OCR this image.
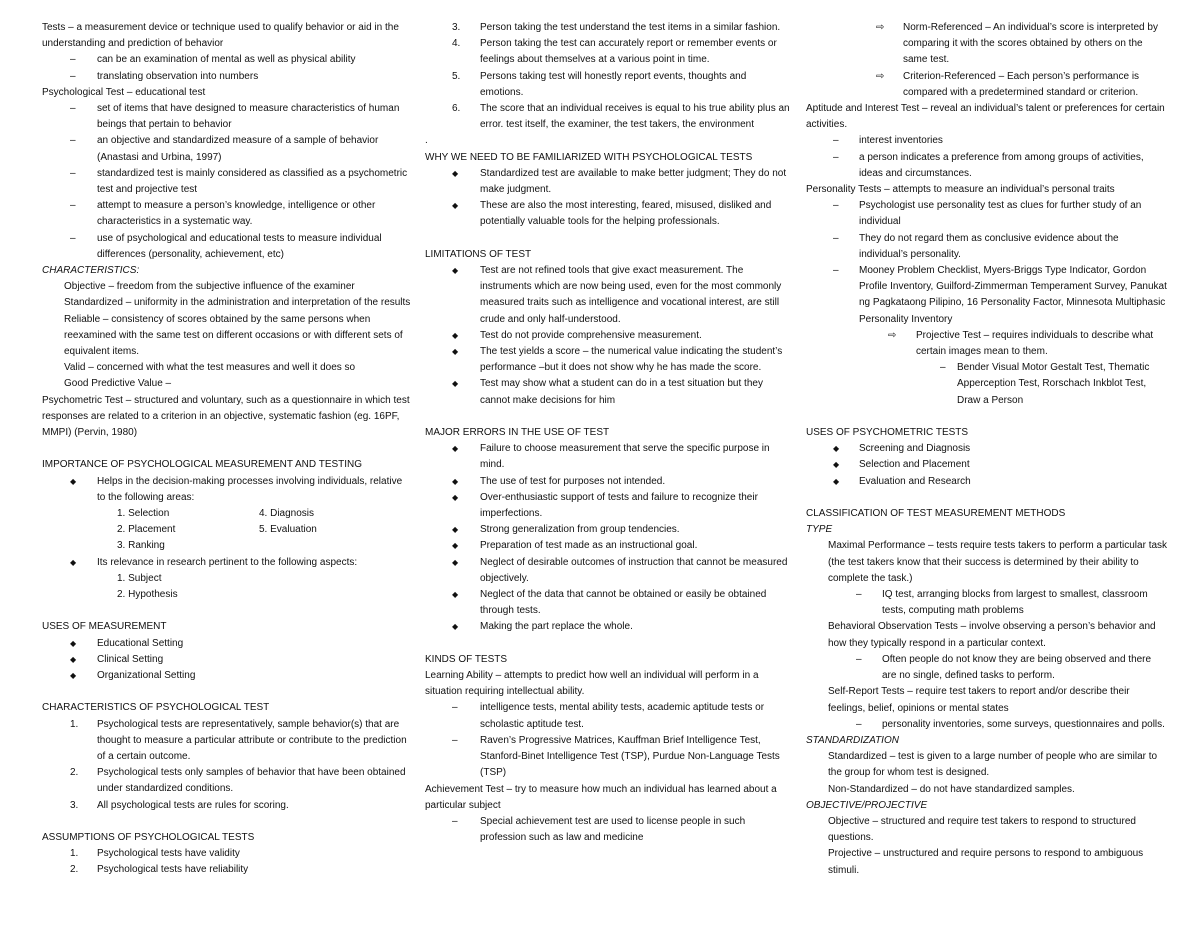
Tests – a measurement device or technique used to qualify behavior or aid in the understanding and prediction of behavior

– can be an examination of mental as well as physical ability
– translating observation into numbers

Psychological Test – educational test

– set of items that have designed to measure characteristics of human beings that pertain to behavior
– an objective and standardized measure of a sample of behavior (Anastasi and Urbina, 1997)
– standardized test is mainly considered as classified as a psychometric test and projective test
– attempt to measure a person’s knowledge, intelligence or other characteristics in a systematic way.
– use of psychological and educational tests to measure individual differences (personality, achievement, etc)

CHARACTERISTICS:

Objective – freedom from the subjective influence of the examiner

Standardized – uniformity in the administration and interpretation of the results

Reliable – consistency of scores obtained by the same persons when reexamined with the same test on different occasions or with different sets of equivalent items.

Valid – concerned with what the test measures and well it does so

Good Predictive Value –

Psychometric Test – structured and voluntary, such as a questionnaire in which test responses are related to a criterion in an objective, systematic fashion (eg. 16PF, MMPI) (Pervin, 1980)

IMPORTANCE OF PSYCHOLOGICAL MEASUREMENT AND TESTING

◆ Helps in the decision-making processes involving individuals, relative to the following areas:
1. Selection	4. Diagnosis
2. Placement	5. Evaluation
3. Ranking
◆ Its relevance in research pertinent to the following aspects:

1. Subject

2. Hypothesis

USES OF MEASUREMENT

◆ Educational Setting
◆ Clinical Setting
◆ Organizational Setting

CHARACTERISTICS OF PSYCHOLOGICAL TEST

1. Psychological tests are representatively, sample behavior(s) that are thought to measure a particular attribute or contribute to the prediction of a certain outcome.
2. Psychological tests only samples of behavior that have been obtained under standardized conditions.
3. All psychological tests are rules for scoring.

ASSUMPTIONS OF PSYCHOLOGICAL TESTS

1. Psychological tests have validity
2. Psychological tests have reliability
3. Person taking the test understand the test items in a similar fashion.
4. Person taking the test can accurately report or remember events or feelings about themselves at a various point in time.
5. Persons taking test will honestly report events, thoughts and emotions.
6. The score that an individual receives is equal to his true ability plus an error. test itself, the examiner, the test takers, the environment

.

WHY WE NEED TO BE FAMILIARIZED WITH PSYCHOLOGICAL TESTS

◆ Standardized test are available to make better judgment; They do not make judgment.
◆ These are also the most interesting, feared, misused, disliked and potentially valuable tools for the helping professionals.

LIMITATIONS OF TEST

◆ Test are not refined tools that give exact measurement. The instruments which are now being used, even for the most commonly measured traits such as intelligence and vocational interest, are still crude and only half-understood.
◆ Test do not provide comprehensive measurement.
◆ The test yields a score – the numerical value indicating the student’s performance –but it does not show why he has made the score.
◆ Test may show what a student can do in a test situation but they cannot make decisions for him

MAJOR ERRORS IN THE USE OF TEST

◆ Failure to choose measurement that serve the specific purpose in mind.
◆ The use of test for purposes not intended.
◆ Over-enthusiastic support of tests and failure to recognize their imperfections.
◆ Strong generalization from group tendencies.
◆ Preparation of test made as an instructional goal.
◆ Neglect of desirable outcomes of instruction that cannot be measured objectively.
◆ Neglect of the data that cannot be obtained or easily be obtained through tests.
◆ Making the part replace the whole.

KINDS OF TESTS

Learning Ability – attempts to predict how well an individual will perform in a situation requiring intellectual ability.

– intelligence tests, mental ability tests, academic aptitude tests or scholastic aptitude test.
– Raven’s Progressive Matrices, Kauffman Brief Intelligence Test, Stanford-Binet Intelligence Test (TSP), Purdue Non-Language Tests (TSP)

Achievement Test – try to measure how much an individual has learned about a particular subject

– Special achievement test are used to license people in such profession such as law and medicine
⇨ Norm-Referenced – An individual’s score is interpreted by comparing it with the scores obtained by others on the same test.
⇨ Criterion-Referenced – Each person’s performance is compared with a predetermined standard or criterion.

Aptitude and Interest Test – reveal an individual’s talent or preferences for certain activities.

– interest inventories
– a person indicates a preference from among groups of activities, ideas and circumstances.

Personality Tests – attempts to measure an individual’s personal traits

– Psychologist use personality test as clues for further study of an individual
– They do not regard them as conclusive evidence about the individual’s personality.
– Mooney Problem Checklist, Myers-Briggs Type Indicator, Gordon Profile Inventory, Guilford-Zimmerman Temperament Survey, Panukat ng Pagkataong Pilipino, 16 Personality Factor, Minnesota Multiphasic Personality Inventory
⇨ Projective Test – requires individuals to describe what certain images mean to them.
– Bender Visual Motor Gestalt Test, Thematic Apperception Test, Rorschach Inkblot Test, Draw a Person

USES OF PSYCHOMETRIC TESTS

◆ Screening and Diagnosis
◆ Selection and Placement
◆ Evaluation and Research

CLASSIFICATION OF TEST MEASUREMENT METHODS

TYPE

Maximal Performance – tests require tests takers to perform a particular task (the test takers know that their success is determined by their ability to complete the task.)

– IQ test, arranging blocks from largest to smallest, classroom tests, computing math problems

Behavioral Observation Tests – involve observing a person’s behavior and how they typically respond in a particular context.

– Often people do not know they are being observed and there are no single, defined tasks to perform.

Self-Report Tests – require test takers to report and/or describe their feelings, belief, opinions or mental states

– personality inventories, some surveys, questionnaires and polls.

STANDARDIZATION

Standardized – test is given to a large number of people who are similar to the group for whom test is designed.

Non-Standardized – do not have standardized samples.

OBJECTIVE/PROJECTIVE

Objective – structured and require test takers to respond to structured questions.

Projective – unstructured and require persons to respond to ambiguous stimuli.
